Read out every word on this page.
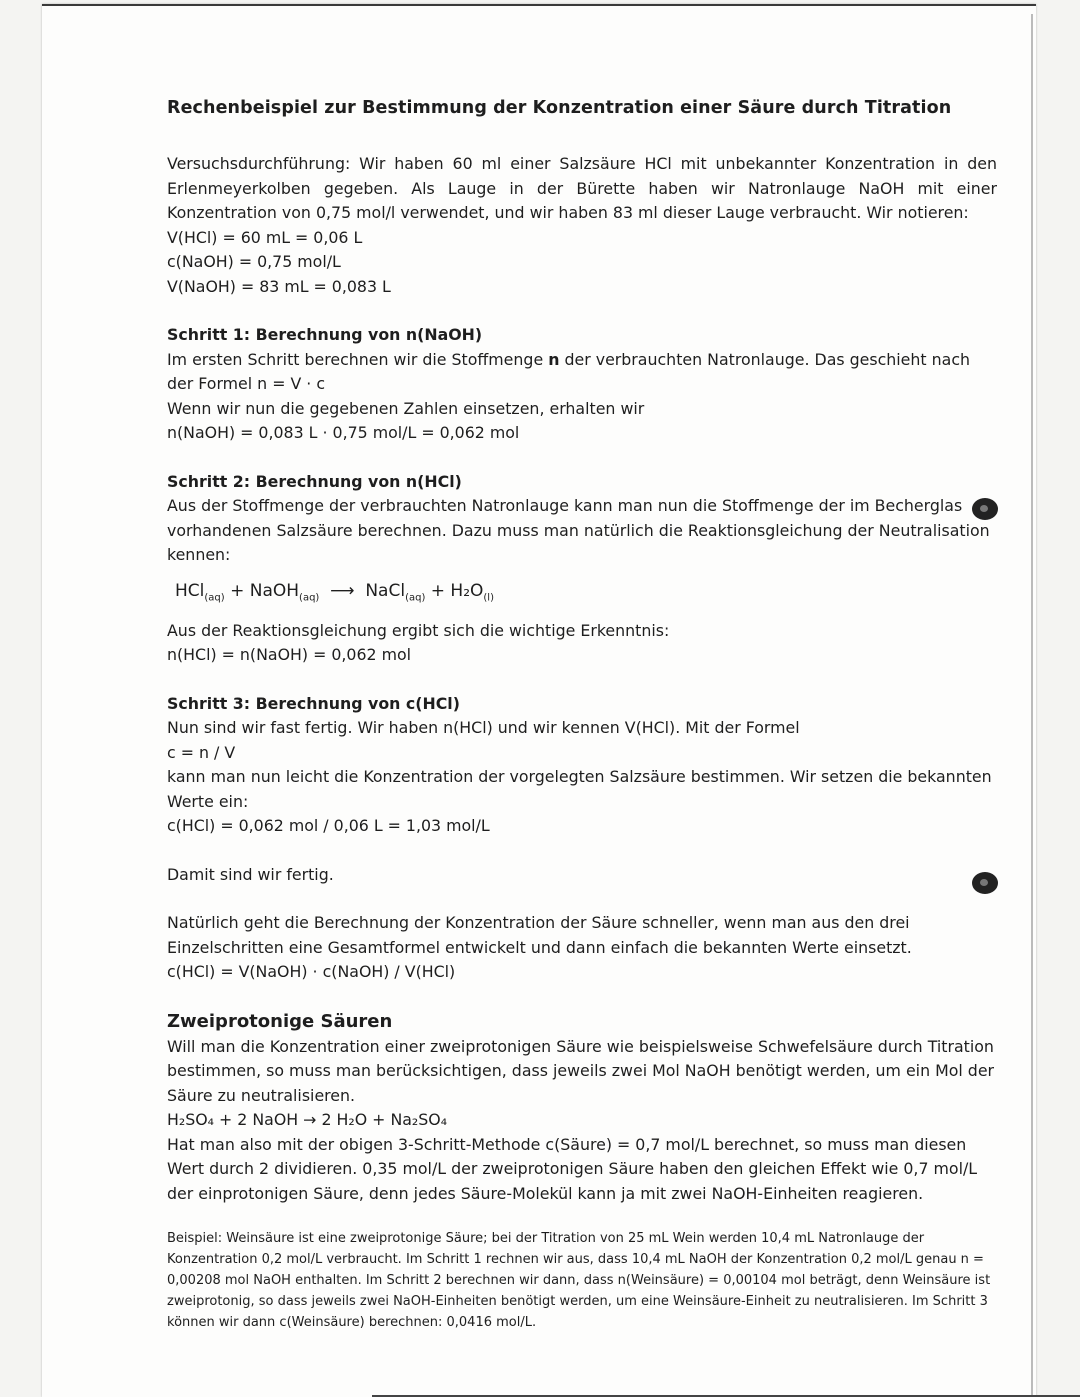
Rechenbeispiel zur Bestimmung der Konzentration einer Säure durch Titration

Versuchsdurchführung: Wir haben 60 ml einer Salzsäure HCl mit unbekannter Konzentration in den Erlenmeyerkolben gegeben. Als Lauge in der Bürette haben wir Natronlauge NaOH mit einer Konzentration von 0,75 mol/l verwendet, und wir haben 83 ml dieser Lauge verbraucht. Wir notieren:

V(HCl) = 60 mL = 0,06 L
c(NaOH) = 0,75 mol/L
V(NaOH) = 83 mL = 0,083 L

Schritt 1: Berechnung von n(NaOH)

Im ersten Schritt berechnen wir die Stoffmenge n der verbrauchten Natronlauge. Das geschieht nach der Formel n = V · c

Wenn wir nun die gegebenen Zahlen einsetzen, erhalten wir

n(NaOH) = 0,083 L · 0,75 mol/L = 0,062 mol

Schritt 2: Berechnung von n(HCl)

Aus der Stoffmenge der verbrauchten Natronlauge kann man nun die Stoffmenge der im Becherglas vorhandenen Salzsäure berechnen. Dazu muss man natürlich die Reaktionsgleichung der Neutralisation kennen:

HCl$_{(aq)}$ + NaOH$_{(aq)}$ ⟶ NaCl$_{(aq)}$ + $H_2O_{(l)}$

Aus der Reaktionsgleichung ergibt sich die wichtige Erkenntnis:

n(HCl) = n(NaOH) = 0,062 mol

Schritt 3: Berechnung von c(HCl)

Nun sind wir fast fertig. Wir haben n(HCl) und wir kennen V(HCl). Mit der Formel

c = n / V

kann man nun leicht die Konzentration der vorgelegten Salzsäure bestimmen. Wir setzen die bekannten Werte ein:

c(HCl) = 0,062 mol / 0,06 L = 1,03 mol/L

Damit sind wir fertig.

Natürlich geht die Berechnung der Konzentration der Säure schneller, wenn man aus den drei Einzelschritten eine Gesamtformel entwickelt und dann einfach die bekannten Werte einsetzt.

c(HCl) = V(NaOH) · c(NaOH) / V(HCl)

Zweiprotonige Säuren

Will man die Konzentration einer zweiprotonigen Säure wie beispielsweise Schwefelsäure durch Titration bestimmen, so muss man berücksichtigen, dass jeweils zwei Mol NaOH benötigt werden, um ein Mol der Säure zu neutralisieren.

H₂SO₄ + 2 NaOH → 2 H₂O + Na₂SO₄

Hat man also mit der obigen 3-Schritt-Methode c(Säure) = 0,7 mol/L berechnet, so muss man diesen Wert durch 2 dividieren. 0,35 mol/L der zweiprotonigen Säure haben den gleichen Effekt wie 0,7 mol/L der einprotonigen Säure, denn jedes Säure-Molekül kann ja mit zwei NaOH-Einheiten reagieren.

Beispiel: Weinsäure ist eine zweiprotonige Säure; bei der Titration von 25 mL Wein werden 10,4 mL Natronlauge der Konzentration 0,2 mol/L verbraucht. Im Schritt 1 rechnen wir aus, dass 10,4 mL NaOH der Konzentration 0,2 mol/L genau n = 0,00208 mol NaOH enthalten. Im Schritt 2 berechnen wir dann, dass n(Weinsäure) = 0,00104 mol beträgt, denn Weinsäure ist zweiprotonig, so dass jeweils zwei NaOH-Einheiten benötigt werden, um eine Weinsäure-Einheit zu neutralisieren. Im Schritt 3 können wir dann c(Weinsäure) berechnen: 0,0416 mol/L.
